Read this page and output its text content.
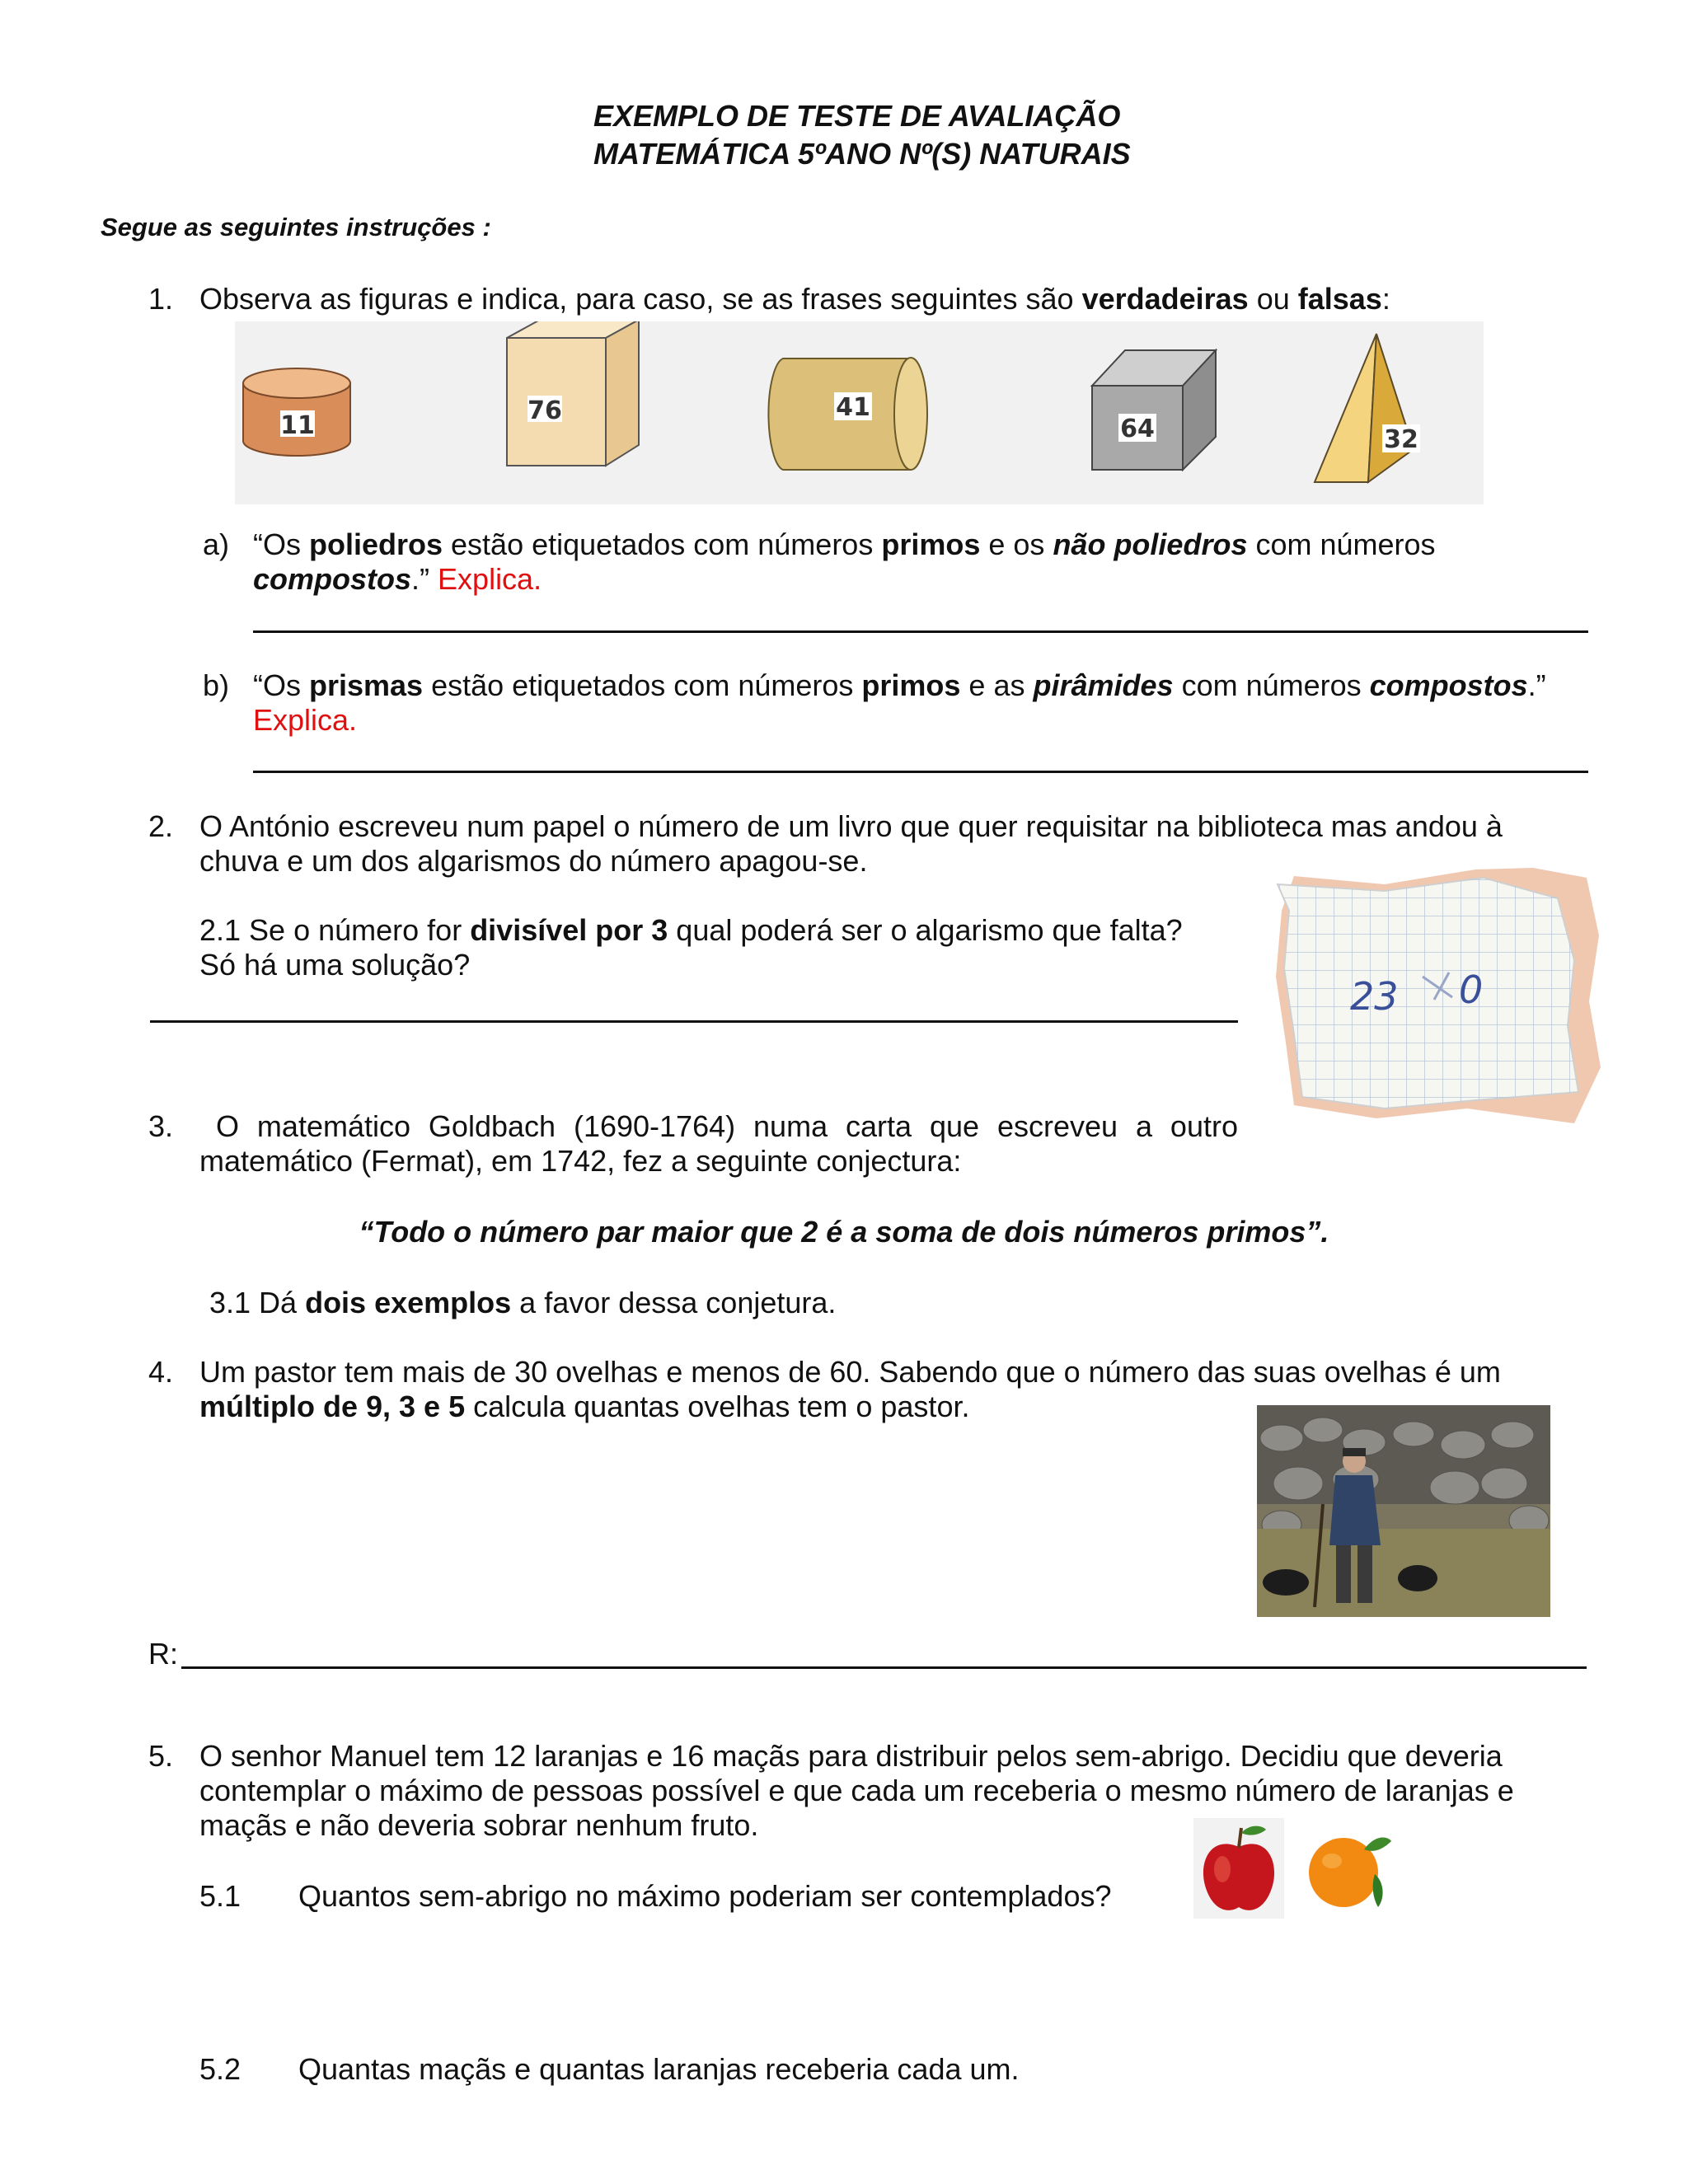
EXEMPLO DE TESTE DE AVALIAÇÃO
MATEMÁTICA 5ºANO Nº(S) NATURAIS
Segue as seguintes instruções :
1. Observa as figuras e indica, para caso, se as frases seguintes são verdadeiras ou falsas:
11
76	41
64	32
a) “Os poliedros estão etiquetados com números primos e os não poliedros com números
compostos.” Explica.
b) “Os prismas estão etiquetados com números primos e as pirâmides com números compostos.”
Explica.
2. O António escreveu num papel o número de um livro que quer requisitar na biblioteca mas andou à
chuva e um dos algarismos do número apagou-se.
2.1 Se o número for divisível por 3 qual poderá ser o algarismo que falta?
Só há uma solução?
23 0
3. O matemático Goldbach (1690-1764) numa carta que escreveu a outro
matemático (Fermat), em 1742, fez a seguinte conjectura:
“Todo o número par maior que 2 é a soma de dois números primos”.
3.1 Dá dois exemplos a favor dessa conjetura.
4. Um pastor tem mais de 30 ovelhas e menos de 60. Sabendo que o número das suas ovelhas é um
múltiplo de 9, 3 e 5 calcula quantas ovelhas tem o pastor.
R:
5. O senhor Manuel tem 12 laranjas e 16 maçãs para distribuir pelos sem-abrigo. Decidiu que deveria
contemplar o máximo de pessoas possível e que cada um receberia o mesmo número de laranjas e
maçãs e não deveria sobrar nenhum fruto.
5.1 Quantos sem-abrigo no máximo poderiam ser contemplados?
5.2 Quantas maçãs e quantas laranjas receberia cada um.
